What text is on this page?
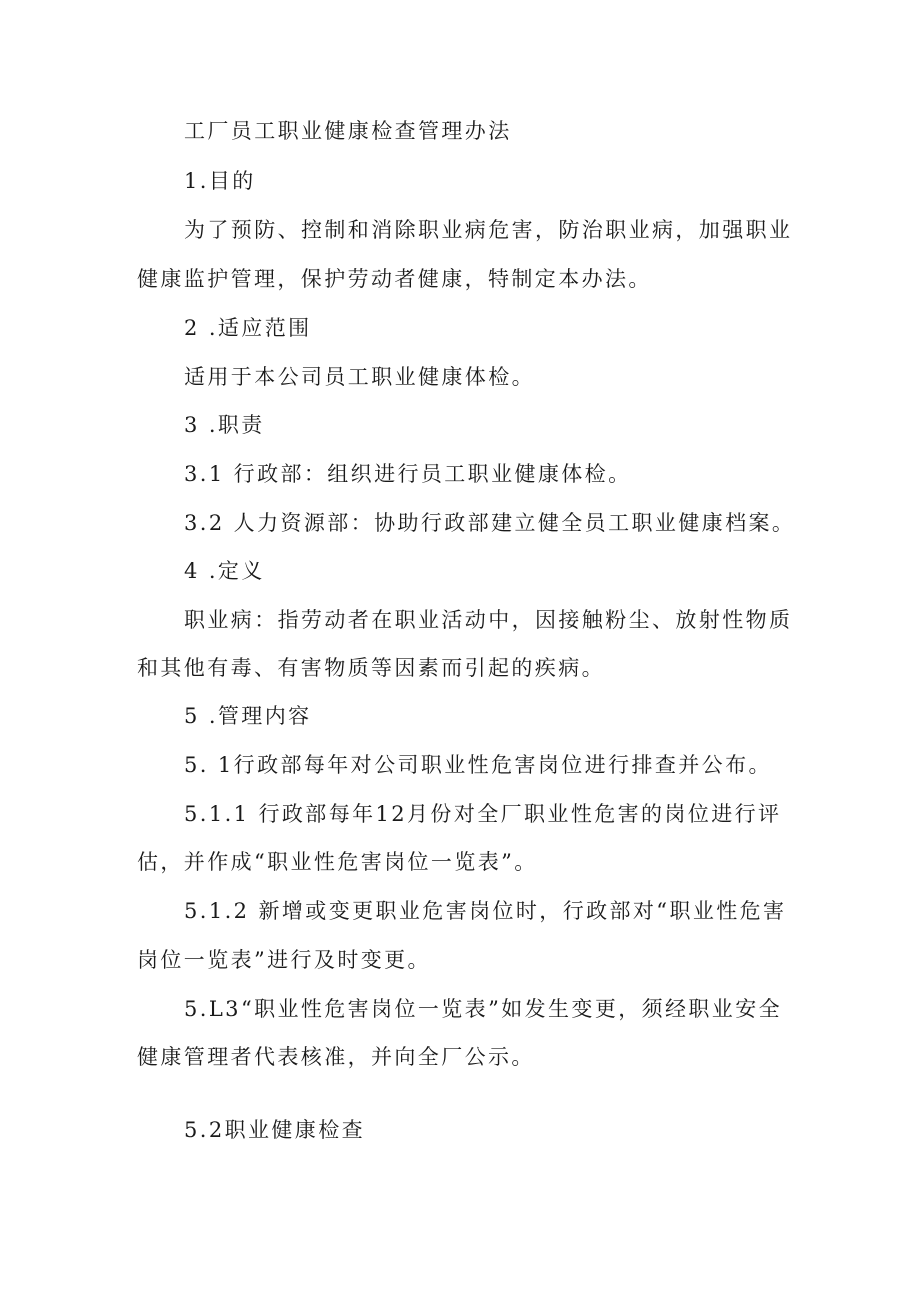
工厂员工职业健康检查管理办法
1.目的
为了预防、控制和消除职业病危害，防治职业病，加强职业
健康监护管理，保护劳动者健康，特制定本办法。
2 .适应范围
适用于本公司员工职业健康体检。
3 .职责
3.1 行政部：组织进行员工职业健康体检。
3.2 人力资源部：协助行政部建立健全员工职业健康档案。
4 .定义
职业病：指劳动者在职业活动中，因接触粉尘、放射性物质
和其他有毒、有害物质等因素而引起的疾病。
5 .管理内容
5. 1行政部每年对公司职业性危害岗位进行排查并公布。
5.1.1 行政部每年12月份对全厂职业性危害的岗位进行评
估，并作成“职业性危害岗位一览表”。
5.1.2 新增或变更职业危害岗位时，行政部对“职业性危害
岗位一览表”进行及时变更。
5.L3“职业性危害岗位一览表”如发生变更，须经职业安全
健康管理者代表核准，并向全厂公示。
5.2职业健康检查
